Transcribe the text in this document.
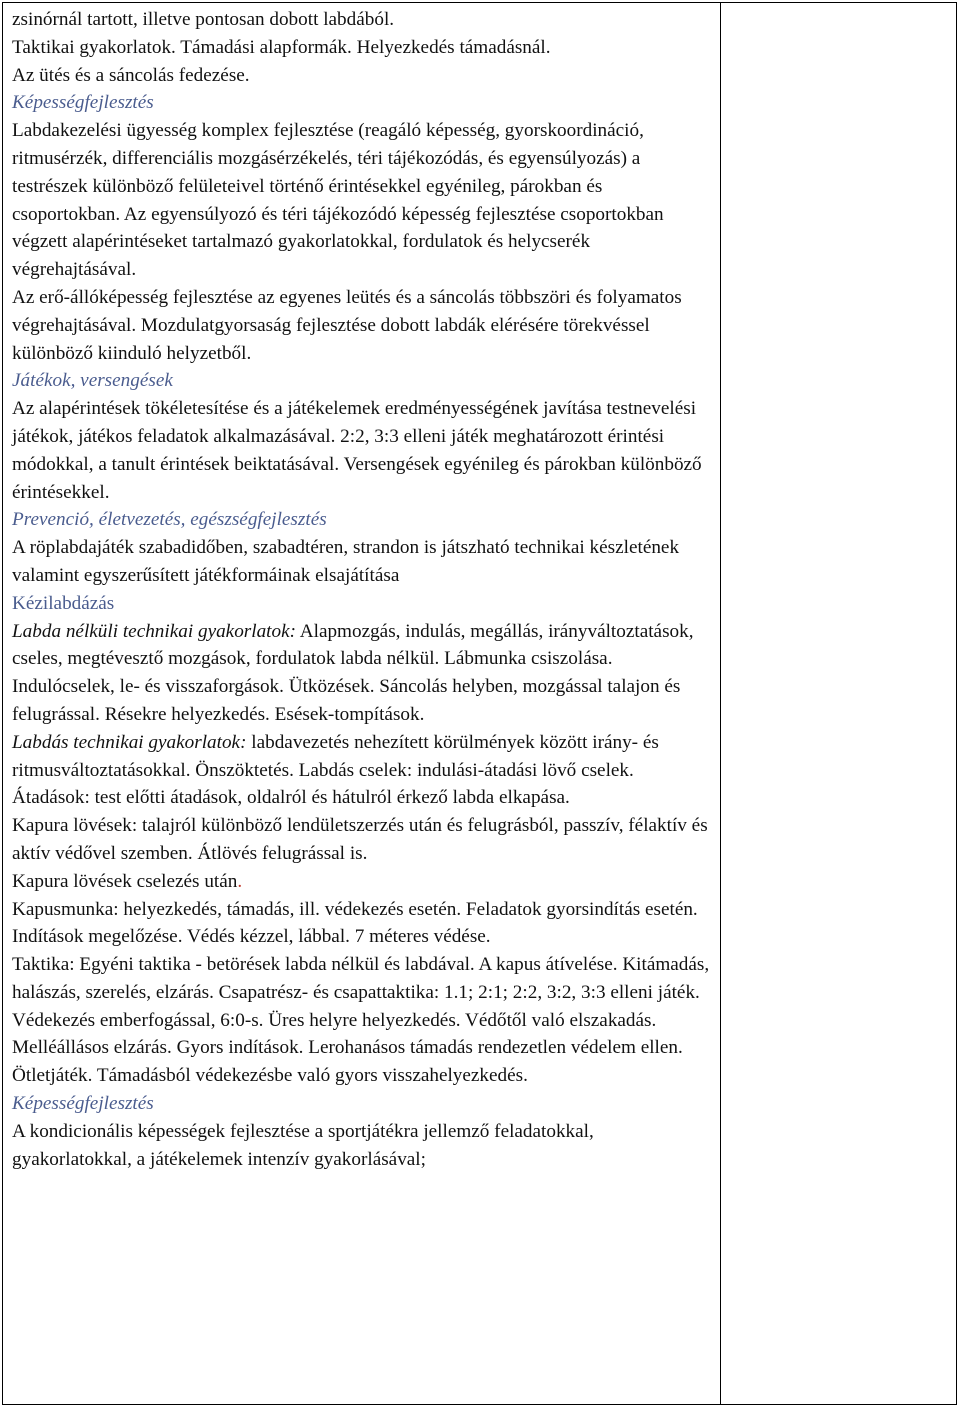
zsinórnál tartott, illetve pontosan dobott labdából.

Taktikai gyakorlatok. Támadási alapformák. Helyezkedés támadásnál.

Az ütés és a sáncolás fedezése.

Képességfejlesztés

Labdakezelési ügyesség komplex fejlesztése (reagáló képesség, gyorskoordináció, ritmusérzék, differenciális mozgásérzékelés, téri tájékozódás, és egyensúlyozás) a testrészek különböző felületeivel történő érintésekkel egyénileg, párokban és csoportokban. Az egyensúlyozó és téri tájékozódó képesség fejlesztése csoportokban végzett alapérintéseket tartalmazó gyakorlatokkal, fordulatok és helycserék végrehajtásával.

Az erő-állóképesség fejlesztése az egyenes leütés és a sáncolás többszöri és folyamatos végrehajtásával. Mozdulatgyorsaság fejlesztése dobott labdák elérésére törekvéssel különböző kiinduló helyzetből.

Játékok, versengések

Az alapérintések tökéletesítése és a játékelemek eredményességének javítása testnevelési játékok, játékos feladatok alkalmazásával. 2:2, 3:3 elleni játék meghatározott érintési módokkal, a tanult érintések beiktatásával. Versengések egyénileg és párokban különböző érintésekkel.

Prevenció, életvezetés, egészségfejlesztés

A röplabdajáték szabadidőben, szabadtéren, strandon is játszható technikai készletének valamint egyszerűsített játékformáinak elsajátítása

Kézilabdázás

Labda nélküli technikai gyakorlatok: Alapmozgás, indulás, megállás, irányváltoztatások, cseles, megtévesztő mozgások, fordulatok labda nélkül. Lábmunka csiszolása. Indulócselek, le- és visszaforgások. Ütközések. Sáncolás helyben, mozgással talajon és felugrással. Résekre helyezkedés. Esések-tompítások.

Labdás technikai gyakorlatok: labdavezetés nehezített körülmények között irány- és ritmusváltoztatásokkal. Önszöktetés. Labdás cselek: indulási-átadási lövő cselek. Átadások: test előtti átadások, oldalról és hátulról érkező labda elkapása.

Kapura lövések: talajról különböző lendületszerzés után és felugrásból, passzív, félaktív és aktív védővel szemben. Átlövés felugrással is.

Kapura lövések cselezés után.

Kapusmunka: helyezkedés, támadás, ill. védekezés esetén. Feladatok gyorsindítás esetén. Indítások megelőzése. Védés kézzel, lábbal. 7 méteres védése.

Taktika: Egyéni taktika - betörések labda nélkül és labdával. A kapus átívelése. Kitámadás, halászás, szerelés, elzárás. Csapatrész- és csapattaktika: 1.1; 2:1; 2:2, 3:2, 3:3 elleni játék. Védekezés emberfogással, 6:0-s. Üres helyre helyezkedés. Védőtől való elszakadás. Melléállásos elzárás. Gyors indítások. Lerohanásos támadás rendezetlen védelem ellen. Ötletjáték. Támadásból védekezésbe való gyors visszahelyezkedés.

Képességfejlesztés

A kondicionális képességek fejlesztése a sportjátékra jellemző feladatokkal, gyakorlatokkal, a játékelemek intenzív gyakorlásával;
